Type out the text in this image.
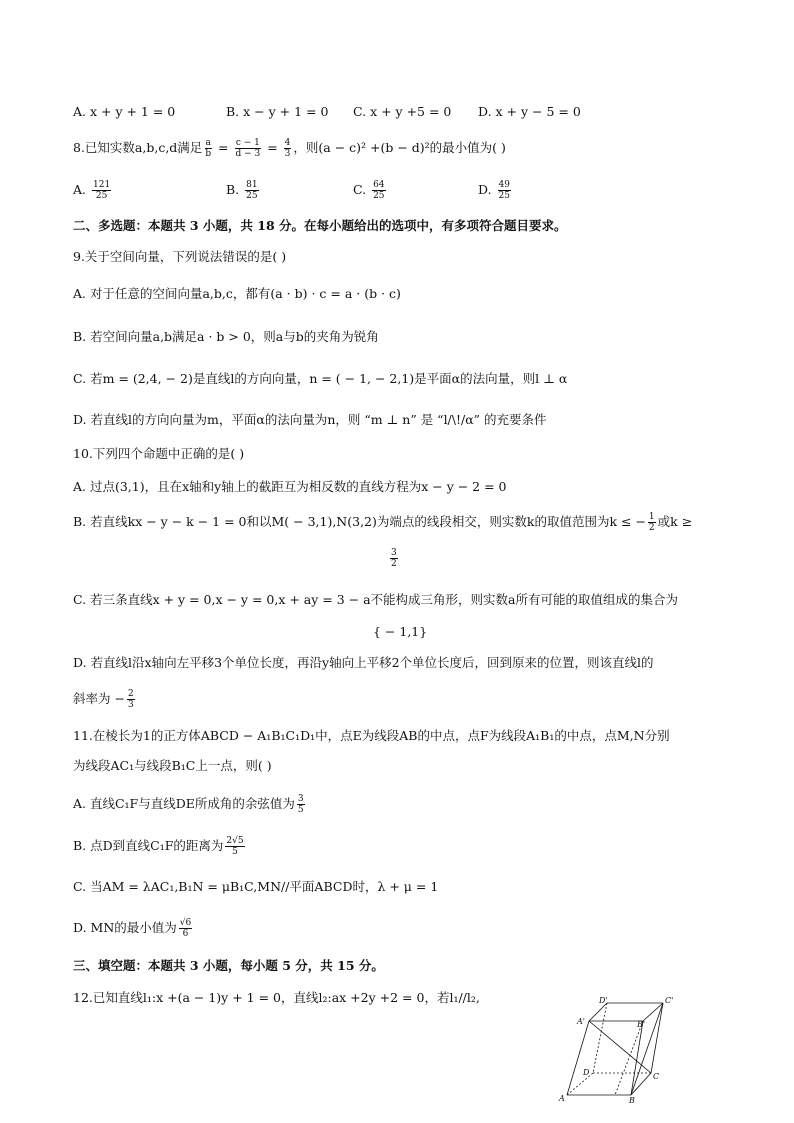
A. x + y + 1 = 0	B. x − y + 1 = 0 C. x + y +5 = 0 D. x + y − 5 = 0
8.已知实数a,b,c,d满足 $\frac{a}{b} = \frac{c - 1}{d - 3} = \frac{4}{3}$ ，则(a − c)² +(b − d)²的最小值为( )
A. $\frac{121}{25}$	B. $\frac{81}{25}$	C. $\frac{64}{25}$	D. $\frac{49}{25}$
二、多选题：本题共 3 小题，共 18 分。在每小题给出的选项中，有多项符合题目要求。
9.关于空间向量，下列说法错误的是( )
A. 对于任意的空间向量a,b,c，都有(a · b) · c = a · (b · c)
B. 若空间向量a,b满足a · b > 0，则a与b的夹角为锐角
C. 若m = (2,4, − 2)是直线l的方向向量，n = ( − 1, − 2,1)是平面α的法向量，则l ⊥ α
D. 若直线l的方向向量为m，平面α的法向量为n，则 “m ⊥ n” 是 “l/\!/α” 的充要条件
10.下列四个命题中正确的是( )
A. 过点(3,1)，且在x轴和y轴上的截距互为相反数的直线方程为x − y − 2 = 0
B. 若直线kx − y − k − 1 = 0和以M( − 3,1),N(3,2)为端点的线段相交，则实数k的取值范围为k ≤ − $\frac{1}{2}$ 或k ≥
$\frac{3}{2}$
C. 若三条直线x + y = 0,x − y = 0,x + ay = 3 − a不能构成三角形，则实数a所有可能的取值组成的集合为
{ − 1,1}
D. 若直线l沿x轴向左平移3个单位长度，再沿y轴向上平移2个单位长度后，回到原来的位置，则该直线l的
斜率为 − $\frac{2}{3}$
11.在棱长为1的正方体ABCD − A₁B₁C₁D₁中，点E为线段AB的中点，点F为线段A₁B₁的中点，点M,N分别
为线段AC₁与线段B₁C上一点，则( )
A. 直线C₁F与直线DE所成角的余弦值为 $\frac{3}{5}$
B. 点D到直线C₁F的距离为 $\frac{2√5}{5}$
C. 当AM = λAC₁,B₁N = μB₁C,MN//平面ABCD时，λ + μ = 1
D. MN的最小值为 $\frac{√6}{6}$
三、填空题：本题共 3 小题，每小题 5 分，共 15 分。
12.已知直线l₁:x +(a − 1)y + 1 = 0，直线l₂:ax +2y +2 = 0，若l₁//l₂,	D'	C'
A'	B'
D	C
A	B
